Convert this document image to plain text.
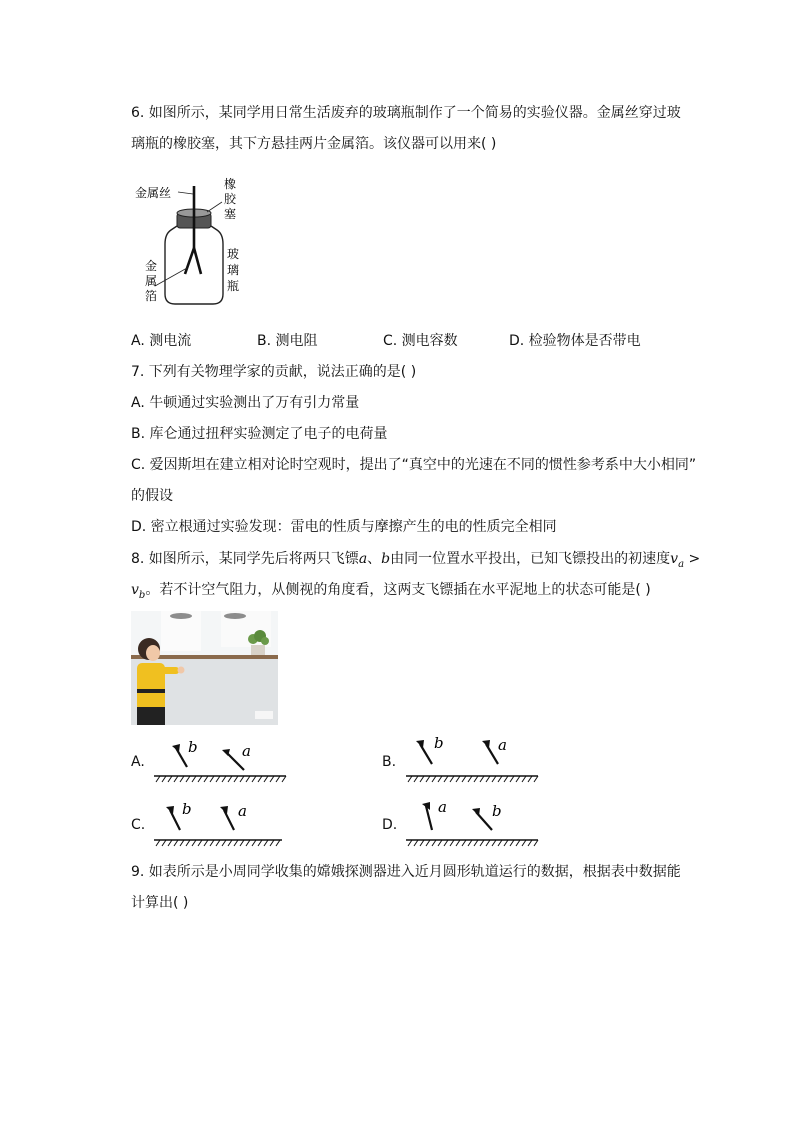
6. 如图所示，某同学用日常生活废弃的玻璃瓶制作了一个简易的实验仪器。金属丝穿过玻
璃瓶的橡胶塞，其下方悬挂两片金属箔。该仪器可以用来( )
金属丝
橡
胶
塞
玻
璃
瓶
金
属
箔
A. 测电流	B. 测电阻	C. 测电容数	D. 检验物体是否带电
7. 下列有关物理学家的贡献，说法正确的是( )
A. 牛顿通过实验测出了万有引力常量
B. 库仑通过扭秤实验测定了电子的电荷量
C. 爱因斯坦在建立相对论时空观时，提出了“真空中的光速在不同的惯性参考系中大小相同”
的假设
D. 密立根通过实验发现：雷电的性质与摩擦产生的电的性质完全相同
8. 如图所示，某同学先后将两只飞镖a、b由同一位置水平投出，已知飞镖投出的初速度$v_a$ >
$v_b$。若不计空气阻力，从侧视的角度看，这两支飞镖插在水平泥地上的状态可能是( )
A.	B.
C.	D.
b	a	b	a
b	a	a	b
9. 如表所示是小周同学收集的嫦娥探测器进入近月圆形轨道运行的数据，根据表中数据能
计算出( )
